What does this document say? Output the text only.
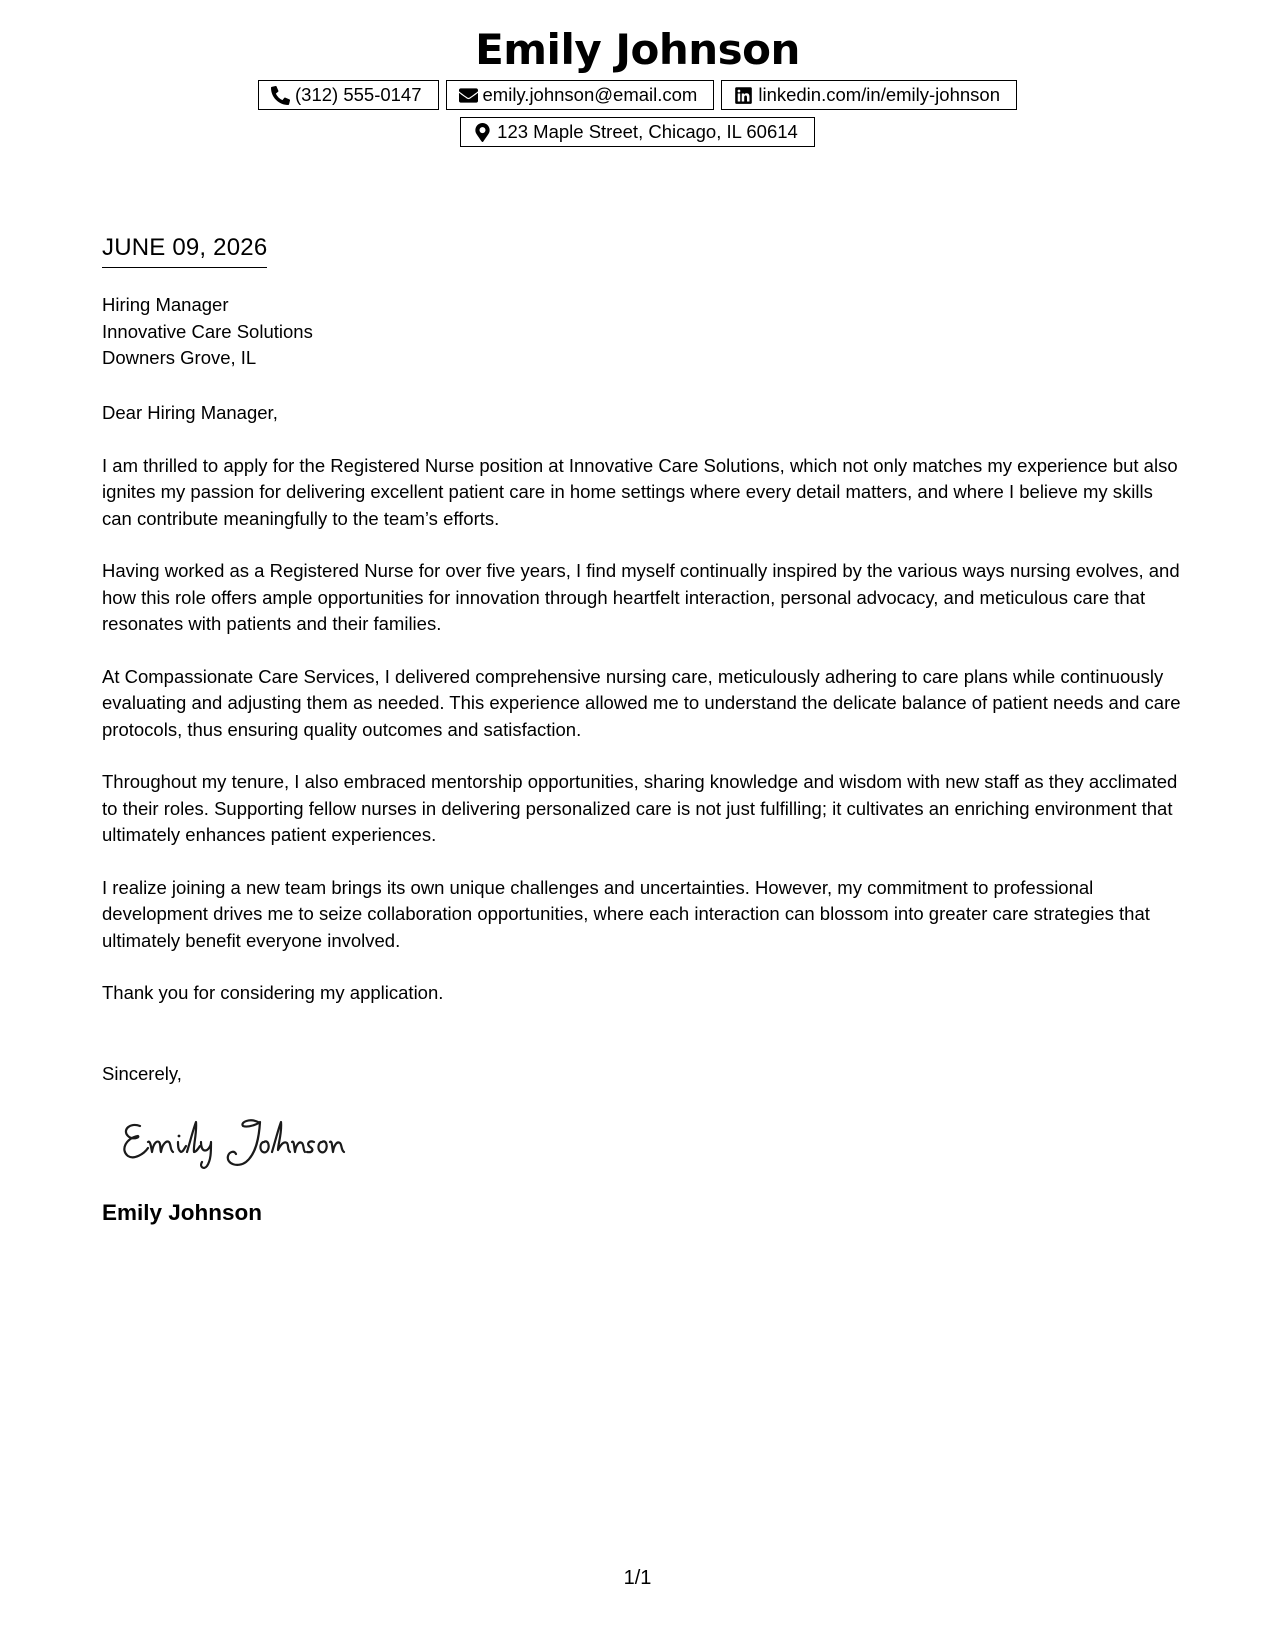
Emily Johnson
(312) 555-0147	emily.johnson@email.com	linkedin.com/in/emily-johnson
123 Maple Street, Chicago, IL 60614
JUNE 09, 2026
Hiring Manager
Innovative Care Solutions
Downers Grove, IL

Dear Hiring Manager,

I am thrilled to apply for the Registered Nurse position at Innovative Care Solutions, which not only matches my experience but also ignites my passion for delivering excellent patient care in home settings where every detail matters, and where I believe my skills can contribute meaningfully to the team’s efforts.

Having worked as a Registered Nurse for over five years, I find myself continually inspired by the various ways nursing evolves, and how this role offers ample opportunities for innovation through heartfelt interaction, personal advocacy, and meticulous care that resonates with patients and their families.

At Compassionate Care Services, I delivered comprehensive nursing care, meticulously adhering to care plans while continuously evaluating and adjusting them as needed. This experience allowed me to understand the delicate balance of patient needs and care protocols, thus ensuring quality outcomes and satisfaction.

Throughout my tenure, I also embraced mentorship opportunities, sharing knowledge and wisdom with new staff as they acclimated to their roles. Supporting fellow nurses in delivering personalized care is not just fulfilling; it cultivates an enriching environment that ultimately enhances patient experiences.

I realize joining a new team brings its own unique challenges and uncertainties. However, my commitment to professional development drives me to seize collaboration opportunities, where each interaction can blossom into greater care strategies that ultimately benefit everyone involved.

Thank you for considering my application.

Sincerely,
Emily Johnson
1/1
